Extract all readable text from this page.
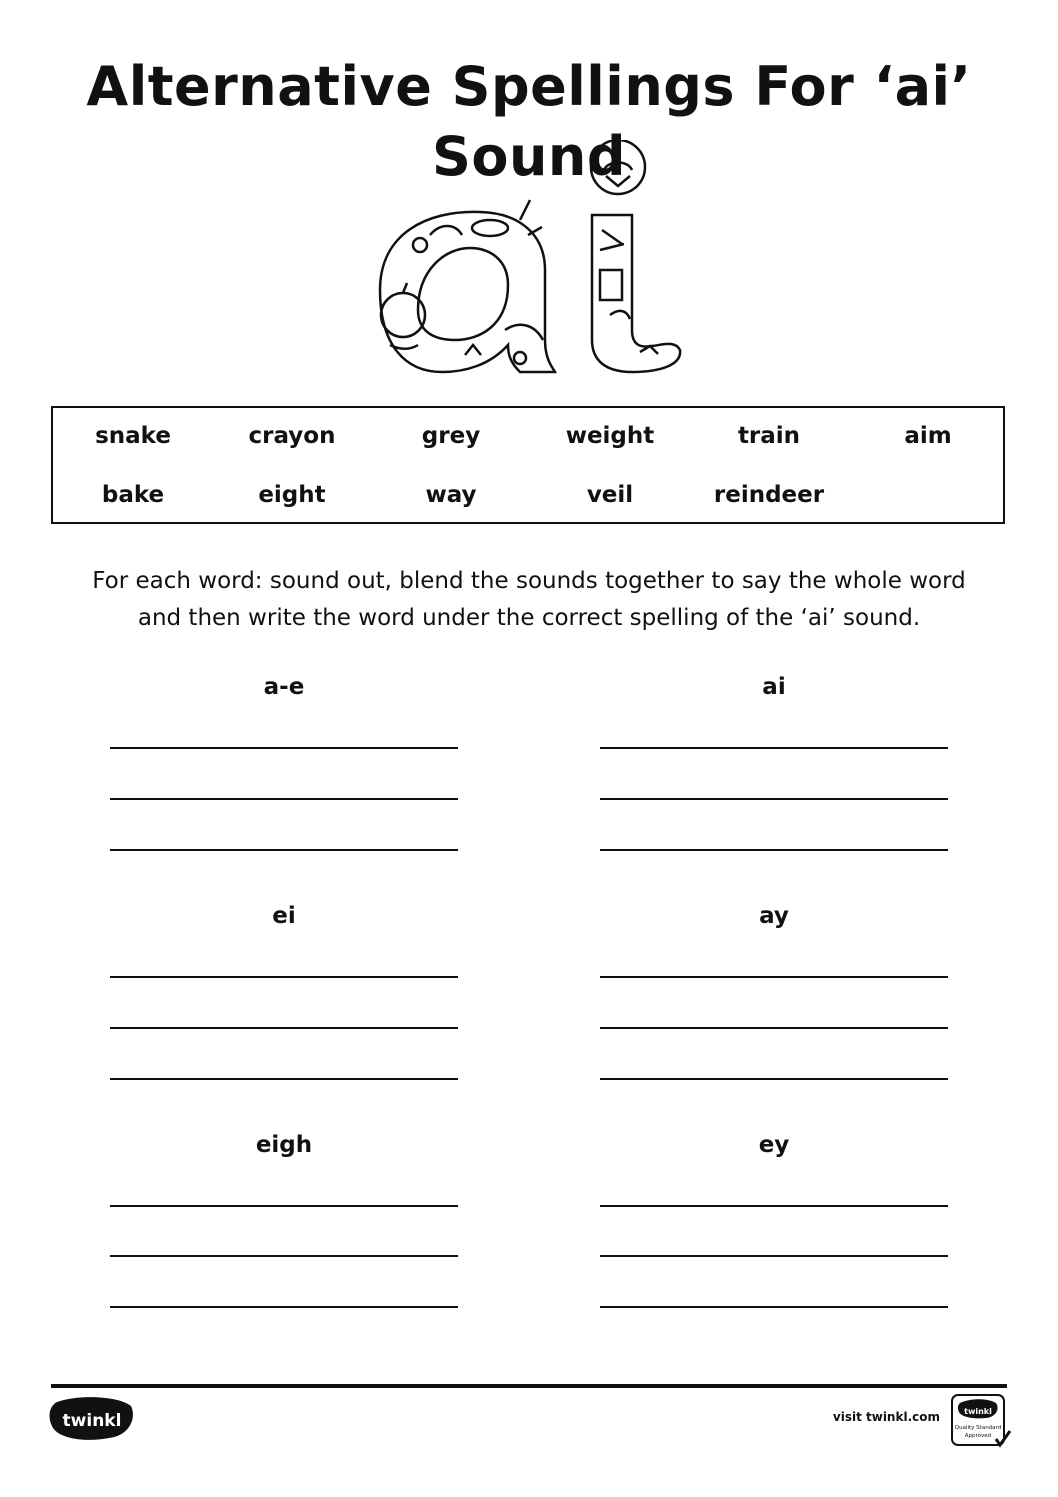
Alternative Spellings For ‘ai’ Sound
snake	crayon	grey	weight	train	aim
bake	eight	way	veil	reindeer

For each word: sound out, blend the sounds together to say the whole word
and then write the word under the correct spelling of the ‘ai’ sound.

a-e	ai
ei	ay
eigh	ey
twinkl	visit twinkl.com	twinkl
Quality Standard
Approved
